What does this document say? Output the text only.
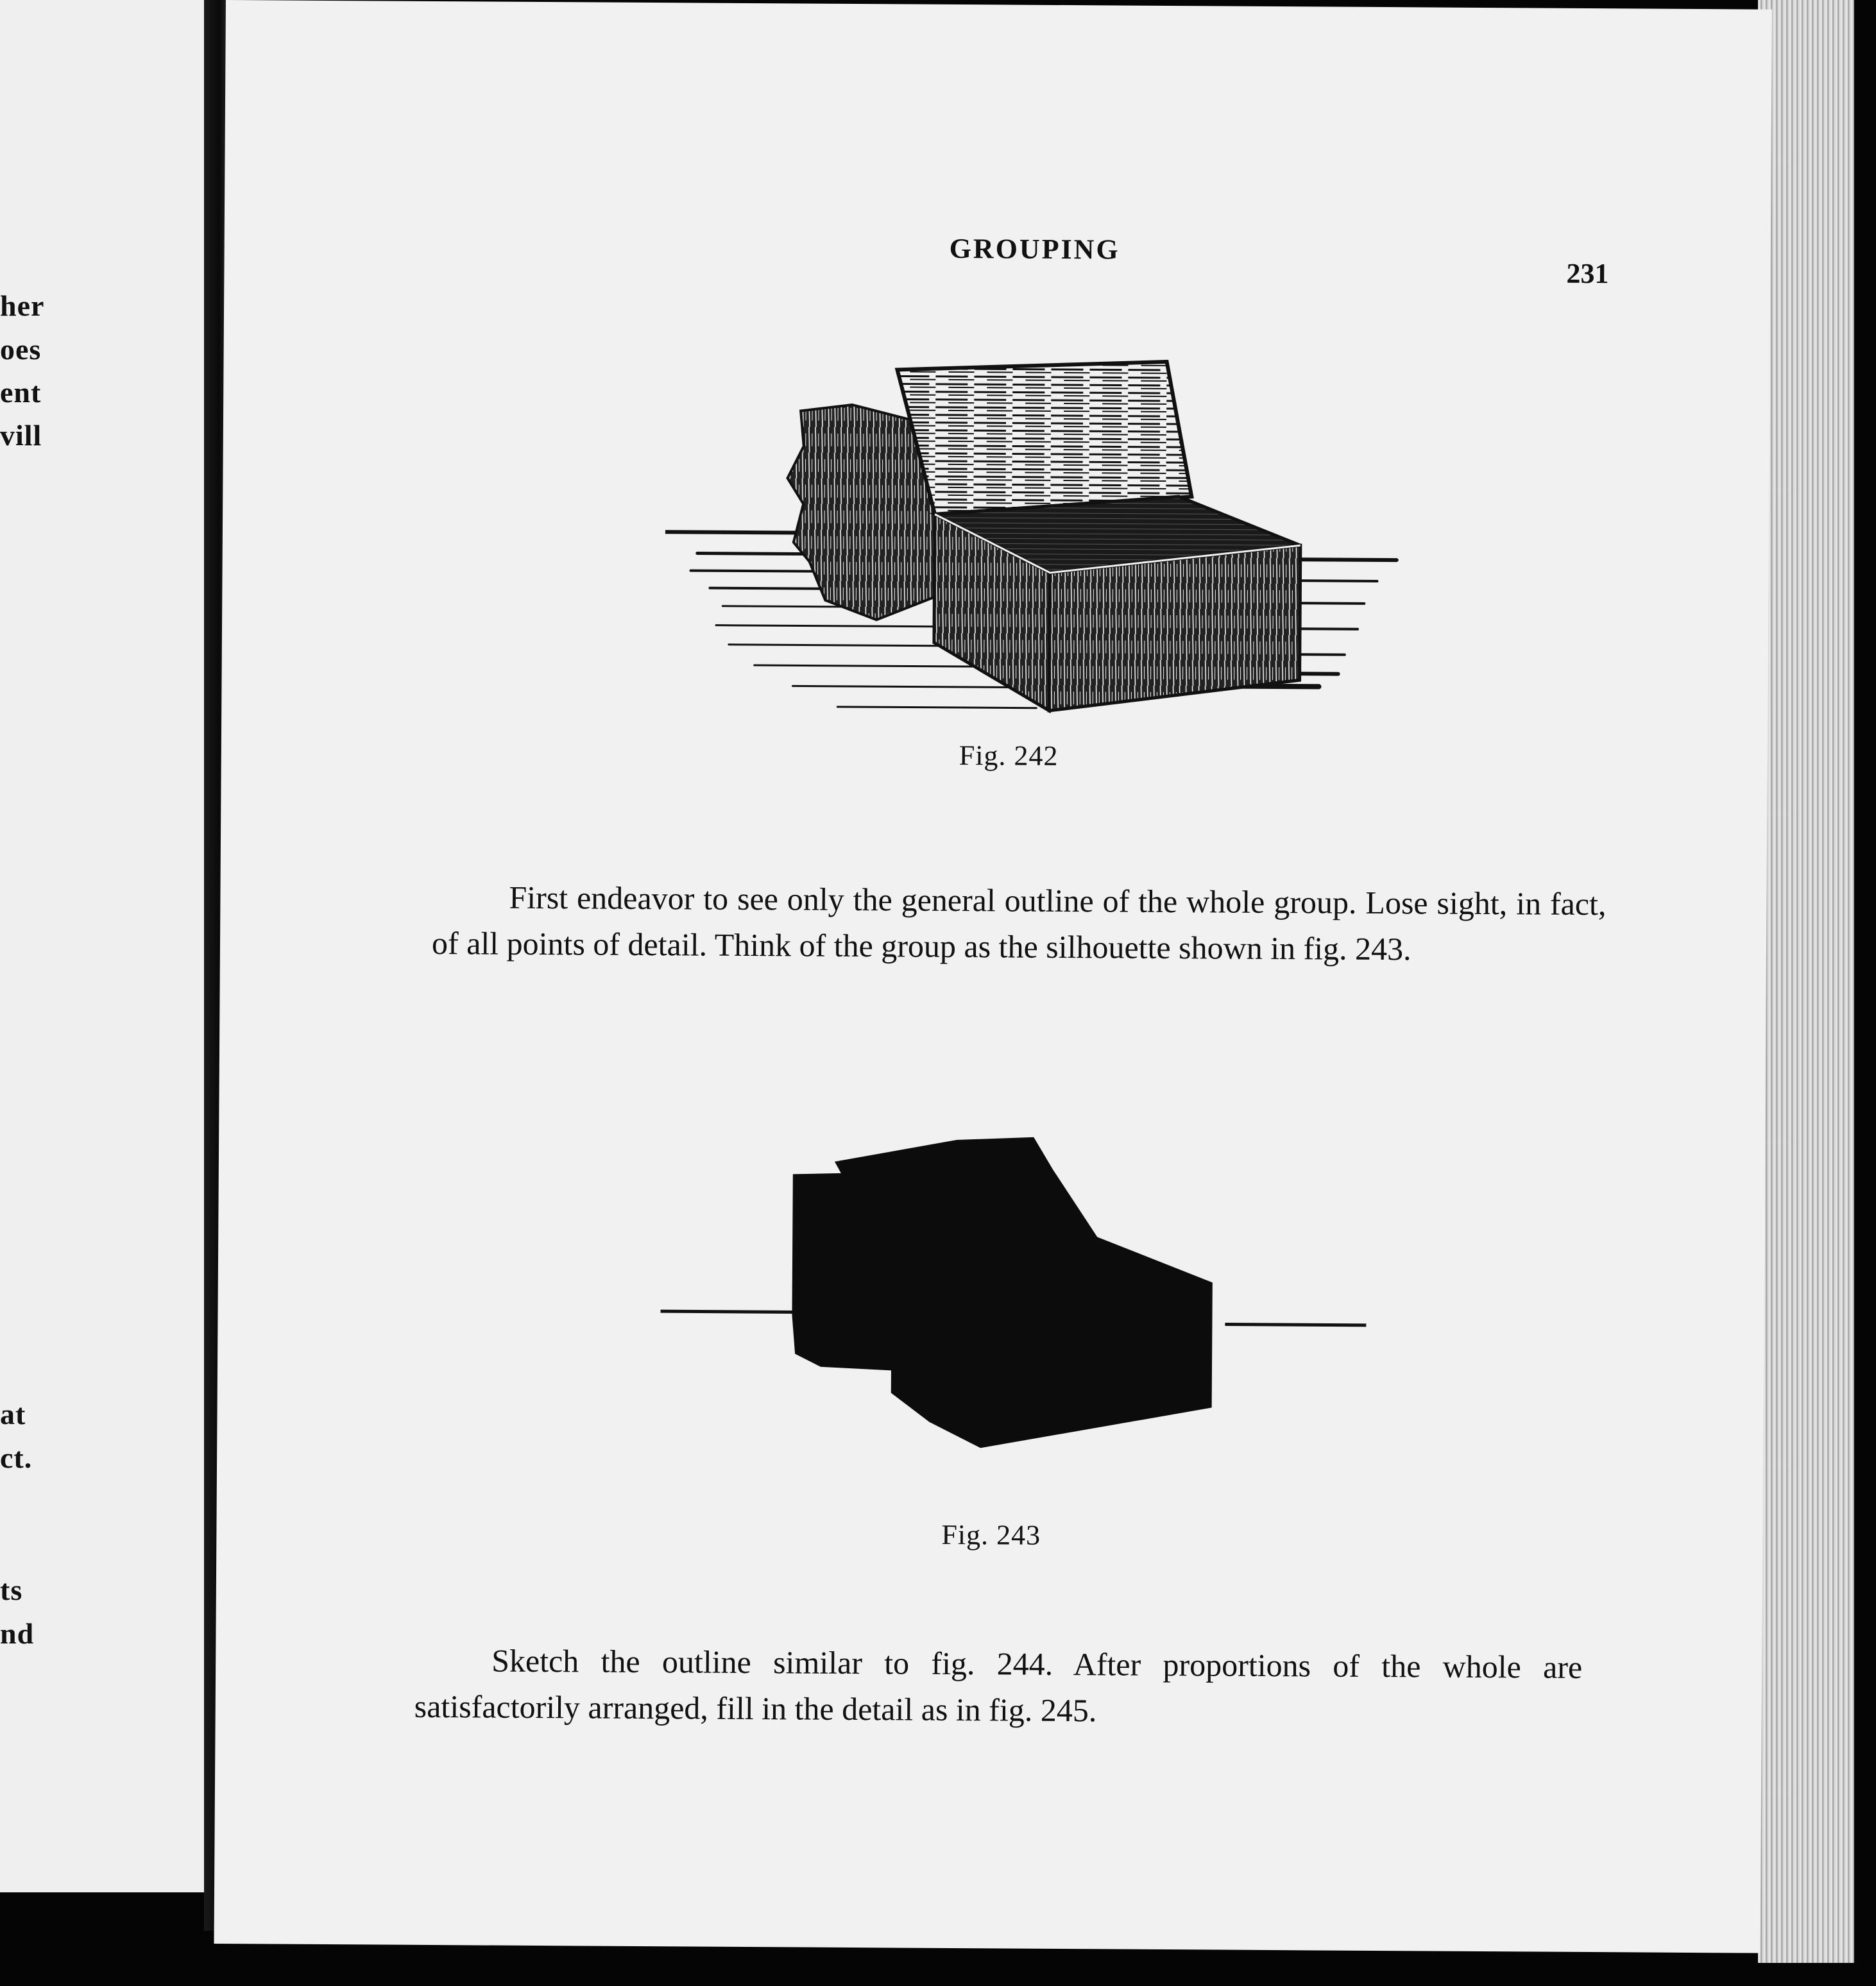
her
oes
ent
vill
at
ct.
ts
nd
GROUPING
231
Fig. 242
First endeavor to see only the general outline of the whole group. Lose sight, in fact, of all points of detail. Think of the group as the silhouette shown in fig. 243.
Fig. 243
Sketch the outline similar to fig. 244. After proportions of the whole are satisfactorily arranged, fill in the detail as in fig. 245.
